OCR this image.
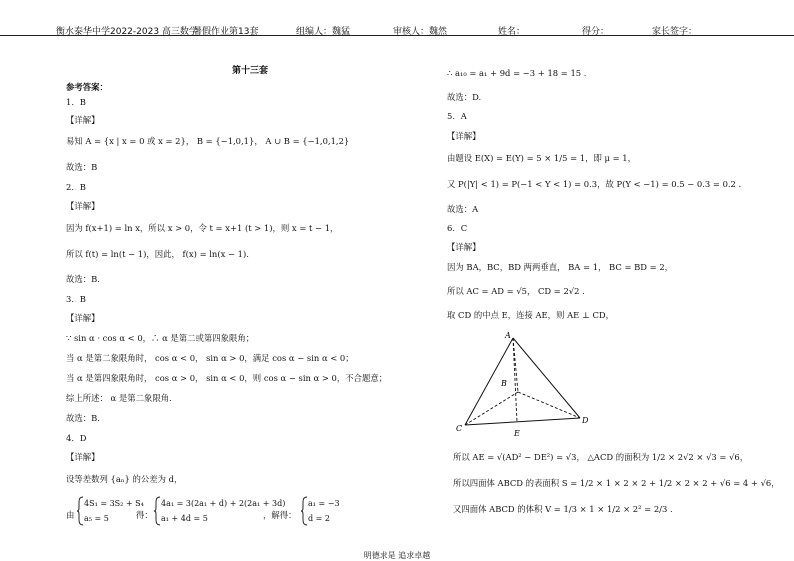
衡水泰华中学2022-2023 高三数学
暑假作业第13套	组编人：魏猛	审核人：魏然	姓名：	得分：	家长签字：
第十三套
参考答案：
1．B
【详解】
易知 A = {x | x = 0 或 x = 2}， B = {−1,0,1}， A ∪ B = {−1,0,1,2}
故选：B
2．B
【详解】
因为 f(x+1) = ln x，所以 x > 0，令 t = x+1 (t > 1)，则 x = t − 1，
所以 f(t) = ln(t − 1)，因此， f(x) = ln(x − 1).
故选：B.
3．B
【详解】
∵ sin α · cos α < 0，∴ α 是第二或第四象限角；
当 α 是第二象限角时， cos α < 0， sin α > 0，满足 cos α − sin α < 0；
当 α 是第四象限角时， cos α > 0， sin α < 0，则 cos α − sin α > 0，不合题意；
综上所述： α 是第二象限角.
故选：B.
4．D
【详解】
设等差数列 {aₙ} 的公差为 d，
由
4S₁ = 3S₂ + S₄
a₅ = 5	得：
4a₁ = 3(2a₁ + d) + 2(2a₁ + 3d)
a₁ + 4d = 5	，解得：
a₁ = −3
d = 2
∴ a₁₀ = a₁ + 9d = −3 + 18 = 15 .
故选：D.
5．A
【详解】
由题设 E(X) = E(Y) = 5 × 1/5 = 1，即 μ = 1，
又 P(|Y| < 1) = P(−1 < Y < 1) = 0.3，故 P(Y < −1) = 0.5 − 0.3 = 0.2 .
故选：A
6．C
【详解】
因为 BA，BC，BD 两两垂直， BA = 1， BC = BD = 2，
所以 AC = AD = √5， CD = 2√2 .
取 CD 的中点 E，连接 AE，则 AE ⊥ CD，
A
B
C
D
E
所以 AE = √(AD² − DE²) = √3， △ACD 的面积为 1/2 × 2√2 × √3 = √6，
所以四面体 ABCD 的表面积 S = 1/2 × 1 × 2 × 2 + 1/2 × 2 × 2 + √6 = 4 + √6，
又四面体 ABCD 的体积 V = 1/3 × 1 × 1/2 × 2² = 2/3 .
明德求是 追求卓越
